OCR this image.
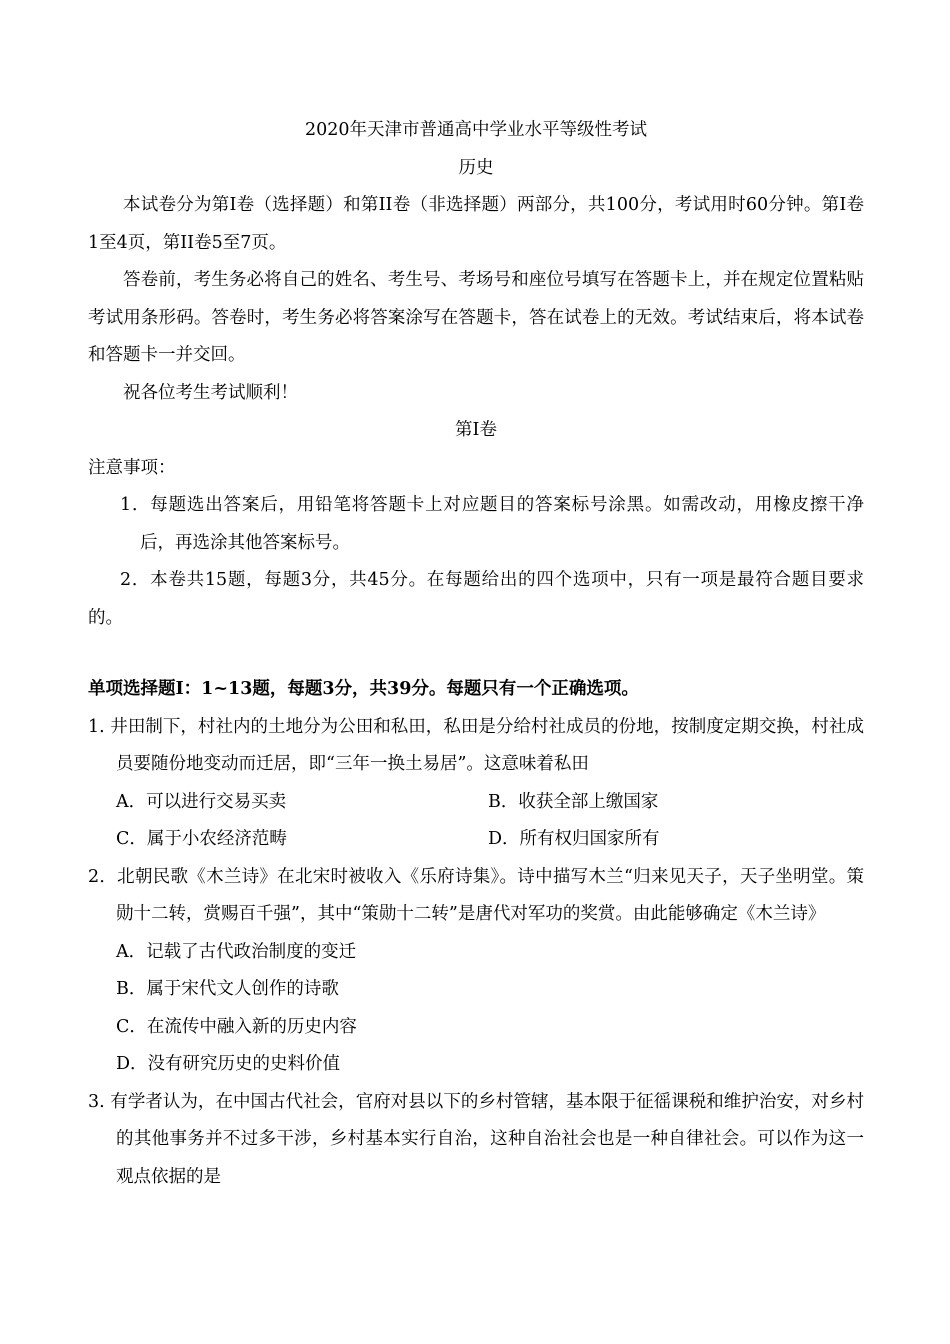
2020年天津市普通高中学业水平等级性考试
历史

本试卷分为第I卷（选择题）和第II卷（非选择题）两部分，共100分，考试用时60分钟。第I卷1至4页，第II卷5至7页。

答卷前，考生务必将自己的姓名、考生号、考场号和座位号填写在答题卡上，并在规定位置粘贴考试用条形码。答卷时，考生务必将答案涂写在答题卡，答在试卷上的无效。考试结束后，将本试卷和答题卡一并交回。

祝各位考生考试顺利！

第I卷

注意事项：

1．每题选出答案后，用铅笔将答题卡上对应题目的答案标号涂黑。如需改动，用橡皮擦干净后，再选涂其他答案标号。

2．本卷共15题，每题3分，共45分。在每题给出的四个选项中，只有一项是最符合题目要求的。

单项选择题I：1~13题，每题3分，共39分。每题只有一个正确选项。

1. 井田制下，村社内的土地分为公田和私田，私田是分给村社成员的份地，按制度定期交换，村社成员要随份地变动而迁居，即“三年一换土易居”。这意味着私田

A．可以进行交易买卖	B．收获全部上缴国家
C．属于小农经济范畴	D．所有权归国家所有

2．北朝民歌《木兰诗》在北宋时被收入《乐府诗集》。诗中描写木兰“归来见天子，天子坐明堂。策勋十二转，赏赐百千强”，其中“策勋十二转”是唐代对军功的奖赏。由此能够确定《木兰诗》

A．记载了古代政治制度的变迁
B．属于宋代文人创作的诗歌
C．在流传中融入新的历史内容
D．没有研究历史的史料价值

3. 有学者认为，在中国古代社会，官府对县以下的乡村管辖，基本限于征徭课税和维护治安，对乡村的其他事务并不过多干涉，乡村基本实行自治，这种自治社会也是一种自律社会。可以作为这一观点依据的是
